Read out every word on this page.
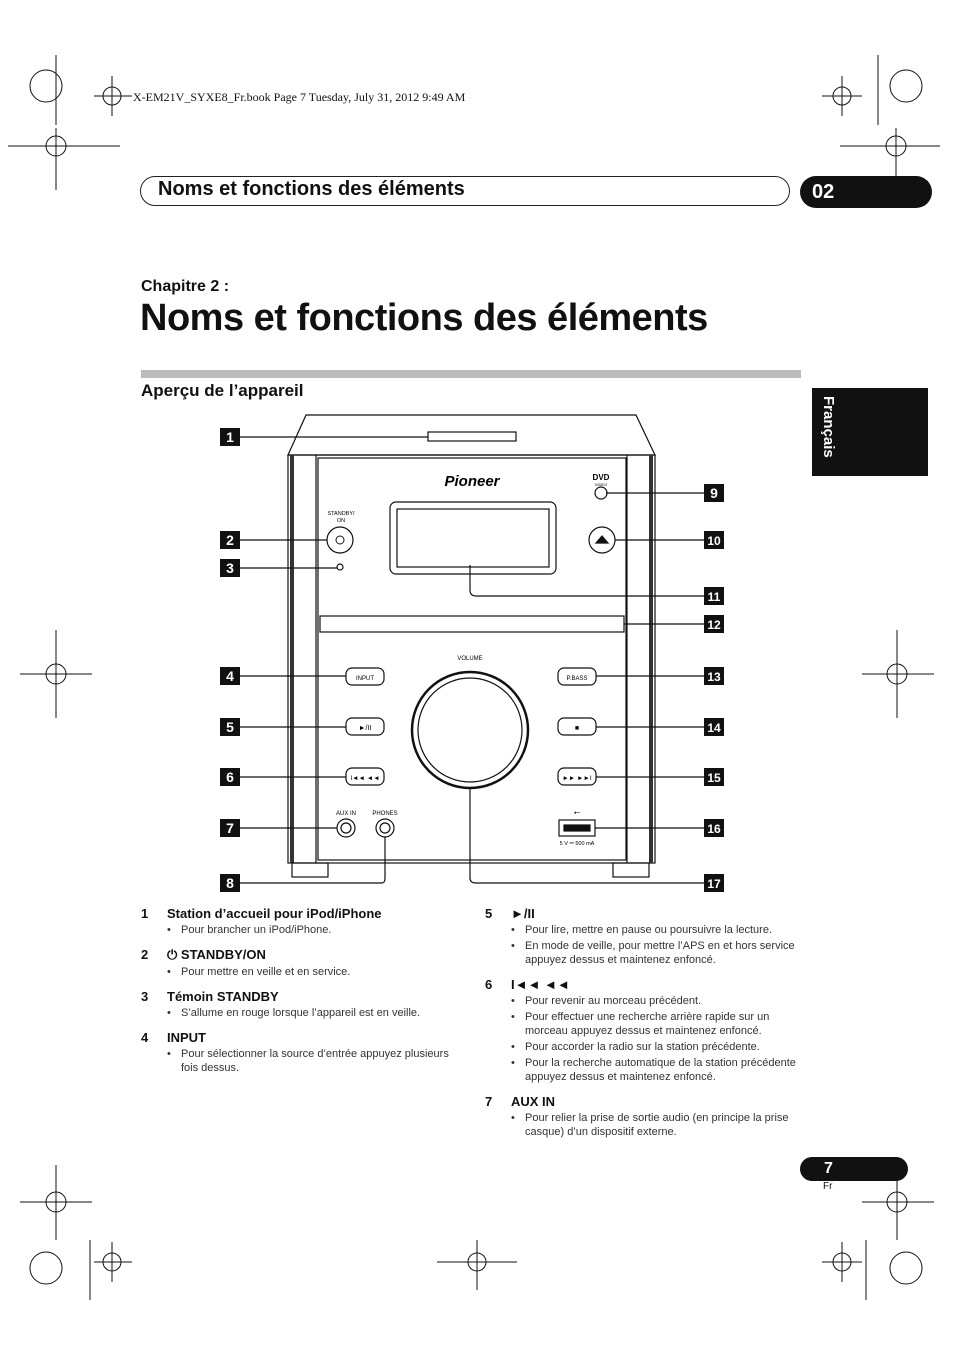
X-EM21V_SYXE8_Fr.book Page 7 Tuesday, July 31, 2012 9:49 AM
Noms et fonctions des éléments	02
Chapitre 2 :
Noms et fonctions des éléments
Aperçu de l’appareil
Français
Pioneer	DVD
VIDEO
STANDBY/
ON
VOLUME
INPUT	P.BASS
►/II	■
I◄◄ ◄◄	►► ►►I
AUX IN	PHONES
5 V ⎓ 500 mA
⭠
1
2
3
4
5
6
7
8
9
10
11
12
13
14
15
16
17
1 Station d’accueil pour iPod/iPhone
• Pour brancher un iPod/iPhone.
2 ⏻ STANDBY/ON
• Pour mettre en veille et en service.
3 Témoin STANDBY
• S’allume en rouge lorsque l’appareil est en veille.
4 INPUT
• Pour sélectionner la source d’entrée appuyez plusieurs fois dessus.
5 ►/II
• Pour lire, mettre en pause ou poursuivre la lecture.
• En mode de veille, pour mettre l’APS en et hors service appuyez dessus et maintenez enfoncé.
6 I◄◄ ◄◄
• Pour revenir au morceau précédent.
• Pour effectuer une recherche arrière rapide sur un morceau appuyez dessus et maintenez enfoncé.
• Pour accorder la radio sur la station précédente.
• Pour la recherche automatique de la station précédente appuyez dessus et maintenez enfoncé.
7 AUX IN
• Pour relier la prise de sortie audio (en principe la prise casque) d’un dispositif externe.
7
Fr
